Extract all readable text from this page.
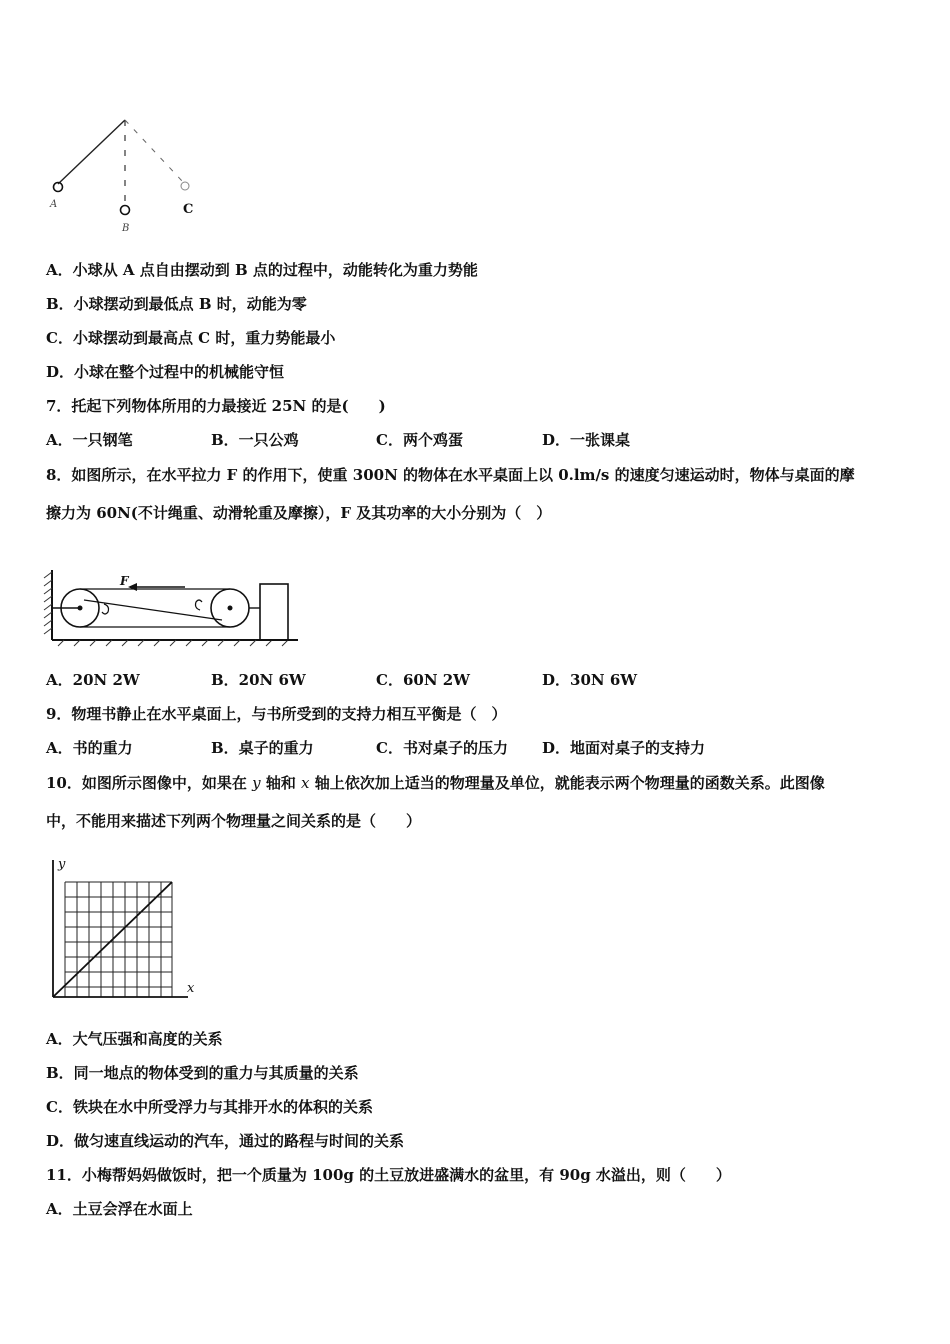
A
B
C
A．小球从 A 点自由摆动到 B 点的过程中，动能转化为重力势能
B．小球摆动到最低点 B 时，动能为零
C．小球摆动到最高点 C 时，重力势能最小
D．小球在整个过程中的机械能守恒
7．托起下列物体所用的力最接近 25N 的是(　　)
A．一只钢笔	B．一只公鸡	C．两个鸡蛋	D．一张课桌
8．如图所示，在水平拉力 F 的作用下，使重 300N 的物体在水平桌面上以 0.lm/s 的速度匀速运动时，物体与桌面的摩
擦力为 60N(不计绳重、动滑轮重及摩擦），F 及其功率的大小分别为（　）
F
A．20N 2W	B．20N 6W	C．60N 2W	D．30N 6W
9．物理书静止在水平桌面上，与书所受到的支持力相互平衡是（　）
A．书的重力	B．桌子的重力	C．书对桌子的压力 D．地面对桌子的支持力
10．如图所示图像中，如果在 y 轴和 x 轴上依次加上适当的物理量及单位，就能表示两个物理量的函数关系。此图像
中，不能用来描述下列两个物理量之间关系的是（　　）
y
x
A．大气压强和高度的关系
B．同一地点的物体受到的重力与其质量的关系
C．铁块在水中所受浮力与其排开水的体积的关系
D．做匀速直线运动的汽车，通过的路程与时间的关系
11．小梅帮妈妈做饭时，把一个质量为 100g 的土豆放进盛满水的盆里，有 90g 水溢出，则（　　）
A．土豆会浮在水面上
